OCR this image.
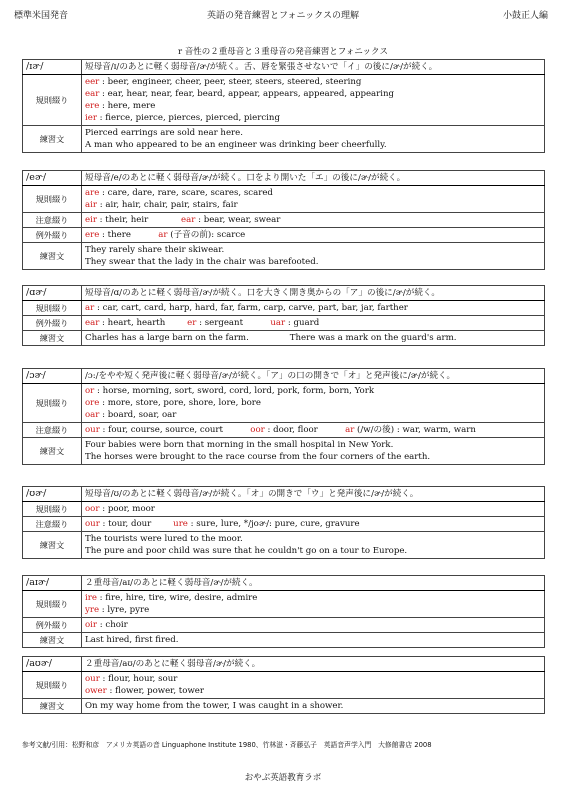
標準米国発音	英語の発音練習とフォニックスの理解	小鼓正人編
r 音性の２重母音と３重母音の発音練習とフォニックス
/ɪɚ/	短母音/ɪ/のあとに軽く弱母音/ɚ/が続く。舌、唇を緊張させないで「イ」の後に/ɚ/が続く。
規則綴り	eer : beer, engineer, cheer, peer, steer, steers, steered, steering
ear : ear, hear, near, fear, beard, appear, appears, appeared, appearing
ere : here, mere
ier : fierce, pierce, pierces, pierced, piercing

練習文	Pierced earrings are sold near here.
A man who appeared to be an engineer was drinking beer cheerfully.
/eɚ/	短母音/e/のあとに軽く弱母音/ɚ/が続く。口をより開いた「エ」の後に/ɚ/が続く。
規則綴り	are : care, dare, rare, scare, scares, scared
air : air, hair, chair, pair, stairs, fair

注意綴り	eir : their, heir            ear : bear, wear, swear

例外綴り	ere : there          ar (子音の前): scarce

練習文	They rarely share their skiwear.
They swear that the lady in the chair was barefooted.
/ɑɚ/	短母音/ɑ/のあとに軽く弱母音/ɚ/が続く。口を大きく開き奥からの「ア」の後に/ɚ/が続く。
規則綴り	ar : car, cart, card, harp, hard, far, farm, carp, carve, part, bar, jar, farther

例外綴り	ear : heart, hearth        er : sergeant          uar : guard

練習文	Charles has a large barn on the farm.               There was a mark on the guard's arm.
/ɔɚ/	/ɔ:/をやや短く発声後に軽く弱母音/ɚ/が続く。「ア」の口の開きで「オ」と発声後に/ɚ/が続く。
規則綴り	or : horse, morning, sort, sword, cord, lord, pork, form, born, York
ore : more, store, pore, shore, lore, bore
oar : board, soar, oar

注意綴り	our : four, course, source, court          oor : door, floor          ar (/w/の後) : war, warm, warn

練習文	Four babies were born that morning in the small hospital in New York.
The horses were brought to the race course from the four corners of the earth.
/ʊɚ/	短母音/ʊ/のあとに軽く弱母音/ɚ/が続く。「オ」の開きで「ウ」と発声後に/ɚ/が続く。
規則綴り	oor : poor, moor

注意綴り	our : tour, dour        ure : sure, lure, */joɚ/: pure, cure, gravure

練習文	The tourists were lured to the moor.
The pure and poor child was sure that he couldn't go on a tour to Europe.
/aɪɚ/	２重母音/aɪ/のあとに軽く弱母音/ɚ/が続く。
規則綴り	ire : fire, hire, tire, wire, desire, admire
yre : lyre, pyre

例外綴り	oir : choir

練習文	Last hired, first fired.
/aʊɚ/	２重母音/aʊ/のあとに軽く弱母音/ɚ/が続く。
規則綴り	our : flour, hour, sour
ower : flower, power, tower

練習文	On my way home from the tower, I was caught in a shower.
参考文献/引用：松野和彦　アメリカ英語の音 Linguaphone Institute 1980、竹林滋・斉藤弘子　英語音声学入門　大修館書店 2008
おやぶ英語教育ラボ
